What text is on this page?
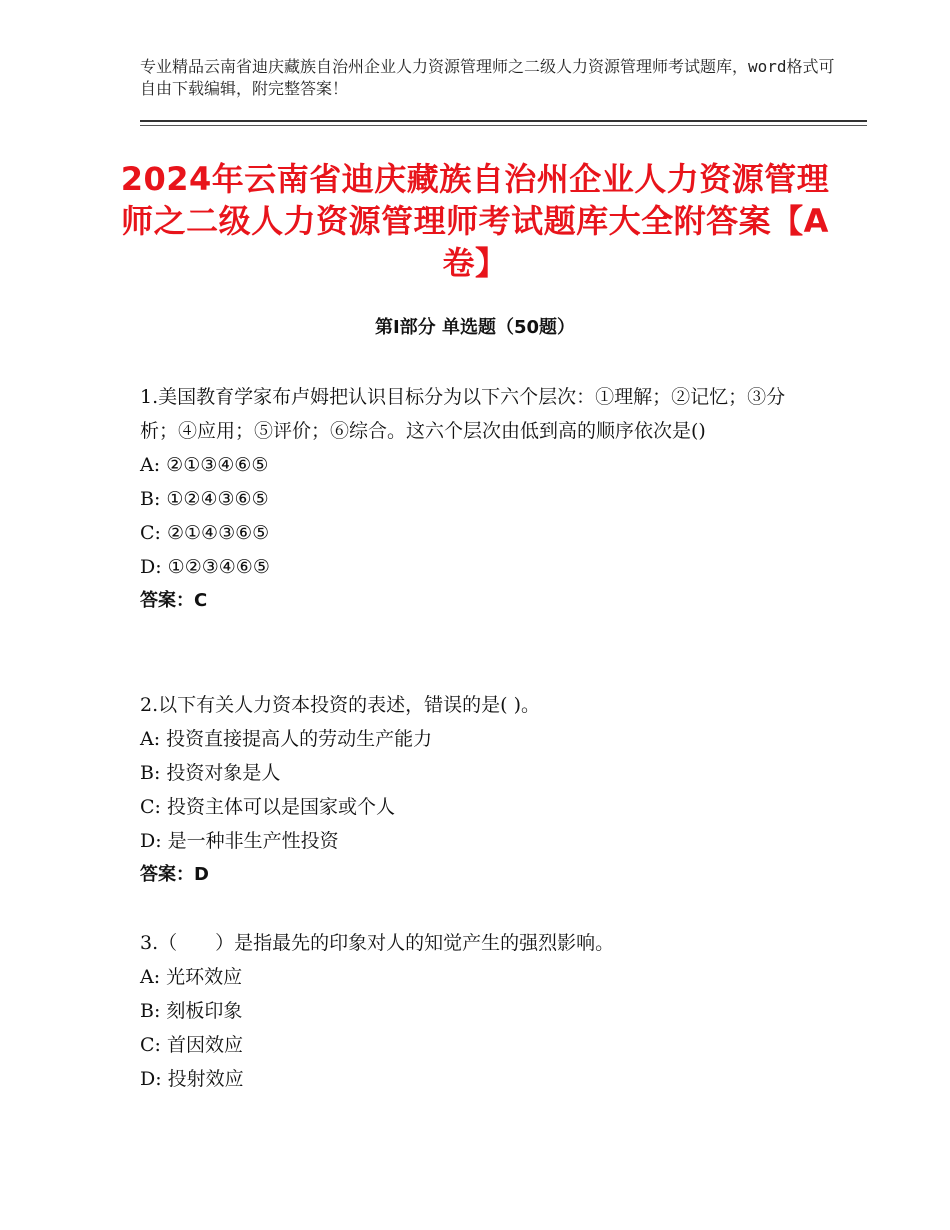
专业精品云南省迪庆藏族自治州企业人力资源管理师之二级人力资源管理师考试题库，word格式可自由下载编辑，附完整答案！
2024年云南省迪庆藏族自治州企业人力资源管理师之二级人力资源管理师考试题库大全附答案【A卷】
第Ⅰ部分 单选题（50题）

1.美国教育学家布卢姆把认识目标分为以下六个层次：①理解；②记忆；③分析；④应用；⑤评价；⑥综合。这六个层次由低到高的顺序依次是()

A: ②①③④⑥⑤

B: ①②④③⑥⑤

C: ②①④③⑥⑤

D: ①②③④⑥⑤

答案：C

2.以下有关人力资本投资的表述，错误的是( )。

A: 投资直接提高人的劳动生产能力

B: 投资对象是人

C: 投资主体可以是国家或个人

D: 是一种非生产性投资

答案：D

3.（　　）是指最先的印象对人的知觉产生的强烈影响。

A: 光环效应

B: 刻板印象

C: 首因效应

D: 投射效应
